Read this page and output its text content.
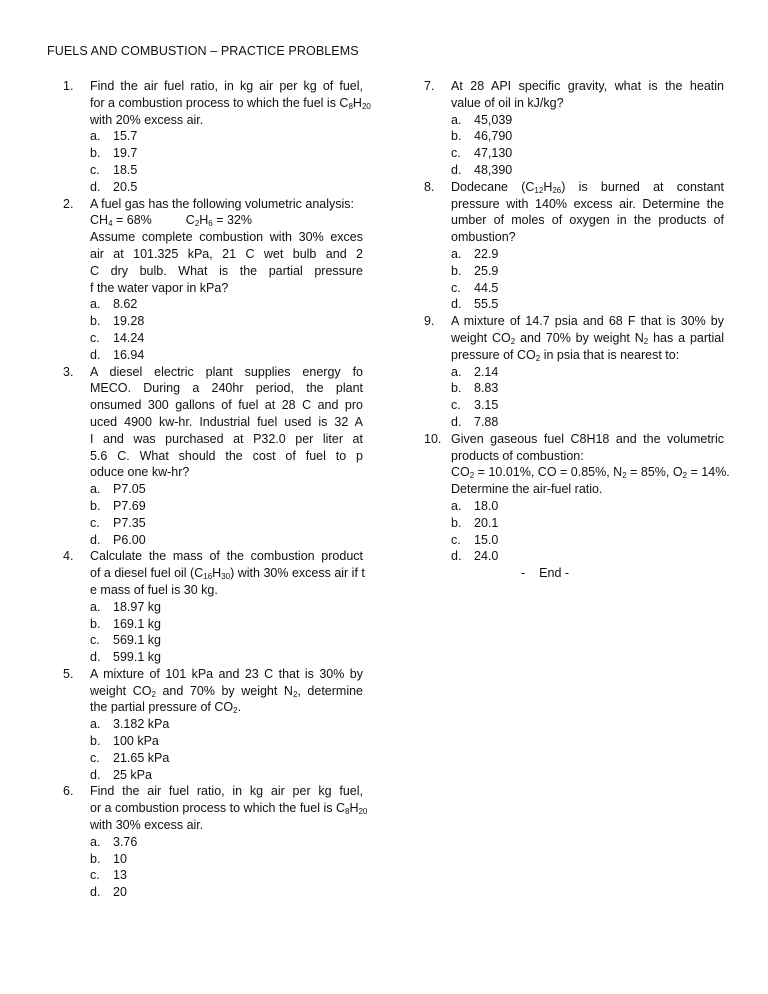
FUELS AND COMBUSTION – PRACTICE PROBLEMS
1. Find the air fuel ratio, in kg air per kg of fuel,
for a combustion process to which the fuel is $C_8H_{20}$
with 20% excess air.
a. 15.7
b. 19.7
c. 18.5
d. 20.5
2. A fuel gas has the following volumetric analysis:
$CH_4 = 68\%$	$C_2H_6 = 32\%$
Assume complete combustion with 30% exces
air at 101.325 kPa, 21 C wet bulb and 2
C dry bulb. What is the partial pressure
f the water vapor in kPa?
a. 8.62
b. 19.28
c. 14.24
d. 16.94
3. A diesel electric plant supplies energy fo
MECO. During a 240hr period, the plant
onsumed 300 gallons of fuel at 28 C and pro
uced 4900 kw-hr. Industrial fuel used is 32 A
I and was purchased at P32.0 per liter at
5.6 C. What should the cost of fuel to p
oduce one kw-hr?
a. P7.05
b. P7.69
c. P7.35
d. P6.00
4. Calculate the mass of the combustion product
of a diesel fuel oil $(C_{16}H_{30})$ with 30% excess air if t
e mass of fuel is 30 kg.
a. 18.97 kg
b. 169.1 kg
c. 569.1 kg
d. 599.1 kg
5. A mixture of 101 kPa and 23 C that is 30% by
weight $CO_2$ and 70% by weight $N_2$, determine
the partial pressure of $CO_2$.
a. 3.182 kPa
b. 100 kPa
c. 21.65 kPa
d. 25 kPa
6. Find the air fuel ratio, in kg air per kg fuel,
or a combustion process to which the fuel is $C_8H_{20}$
with 30% excess air.
a. 3.76
b. 10
c. 13
d. 20
7. At 28 API specific gravity, what is the heatin
value of oil in kJ/kg?
a. 45,039
b. 46,790
c. 47,130
d. 48,390
8. Dodecane $(C_{12}H_{26})$ is burned at constant
pressure with 140% excess air. Determine the
umber of moles of oxygen in the products of
ombustion?
a. 22.9
b. 25.9
c. 44.5
d. 55.5
9. A mixture of 14.7 psia and 68 F that is 30% by
weight $CO_2$ and 70% by weight $N_2$ has a partial
pressure of $CO_2$ in psia that is nearest to:
a. 2.14
b. 8.83
c. 3.15
d. 7.88
10. Given gaseous fuel C8H18 and the volumetric
products of combustion:
$CO_2 = 10.01\%$, CO = 0.85%, $N_2 = 85\%$, $O_2 = 14\%$.
Determine the air-fuel ratio.
a. 18.0
b. 20.1
c. 15.0
d. 24.0
- End -
